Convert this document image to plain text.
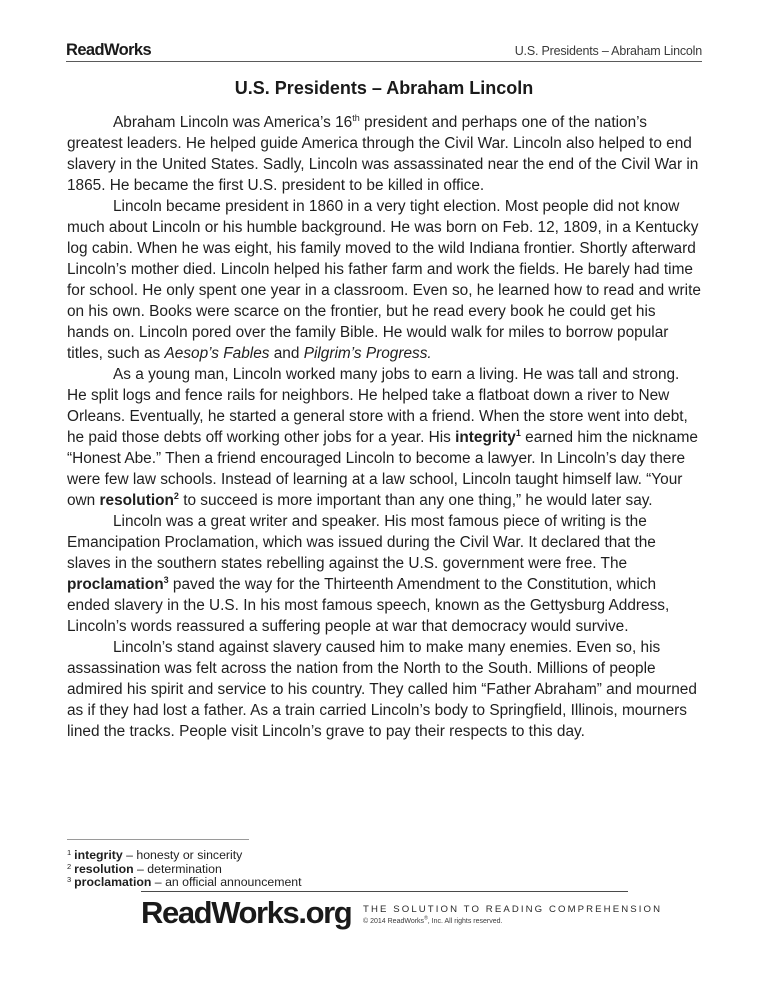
ReadWorks	U.S. Presidents – Abraham Lincoln
U.S. Presidents – Abraham Lincoln

Abraham Lincoln was America’s 16th president and perhaps one of the nation’s greatest leaders. He helped guide America through the Civil War. Lincoln also helped to end slavery in the United States. Sadly, Lincoln was assassinated near the end of the Civil War in 1865. He became the first U.S. president to be killed in office.

Lincoln became president in 1860 in a very tight election. Most people did not know much about Lincoln or his humble background. He was born on Feb. 12, 1809, in a Kentucky log cabin. When he was eight, his family moved to the wild Indiana frontier. Shortly afterward Lincoln’s mother died. Lincoln helped his father farm and work the fields. He barely had time for school. He only spent one year in a classroom. Even so, he learned how to read and write on his own. Books were scarce on the frontier, but he read every book he could get his hands on. Lincoln pored over the family Bible. He would walk for miles to borrow popular titles, such as Aesop’s Fables and Pilgrim’s Progress.

As a young man, Lincoln worked many jobs to earn a living. He was tall and strong. He split logs and fence rails for neighbors. He helped take a flatboat down a river to New Orleans. Eventually, he started a general store with a friend. When the store went into debt, he paid those debts off working other jobs for a year. His integrity$^1$ earned him the nickname “Honest Abe.” Then a friend encouraged Lincoln to become a lawyer. In Lincoln’s day there were few law schools. Instead of learning at a law school, Lincoln taught himself law. “Your own resolution$^2$ to succeed is more important than any one thing,” he would later say.

Lincoln was a great writer and speaker. His most famous piece of writing is the Emancipation Proclamation, which was issued during the Civil War. It declared that the slaves in the southern states rebelling against the U.S. government were free. The proclamation$^3$ paved the way for the Thirteenth Amendment to the Constitution, which ended slavery in the U.S. In his most famous speech, known as the Gettysburg Address, Lincoln’s words reassured a suffering people at war that democracy would survive.

Lincoln’s stand against slavery caused him to make many enemies. Even so, his assassination was felt across the nation from the North to the South. Millions of people admired his spirit and service to his country. They called him “Father Abraham” and mourned as if they had lost a father. As a train carried Lincoln’s body to Springfield, Illinois, mourners lined the tracks. People visit Lincoln’s grave to pay their respects to this day.

$^1$ integrity – honesty or sincerity
$^2$ resolution – determination
$^3$ proclamation – an official announcement
ReadWorks.org THE SOLUTION TO READING COMPREHENSION
© 2014 ReadWorks®, Inc. All rights reserved.
